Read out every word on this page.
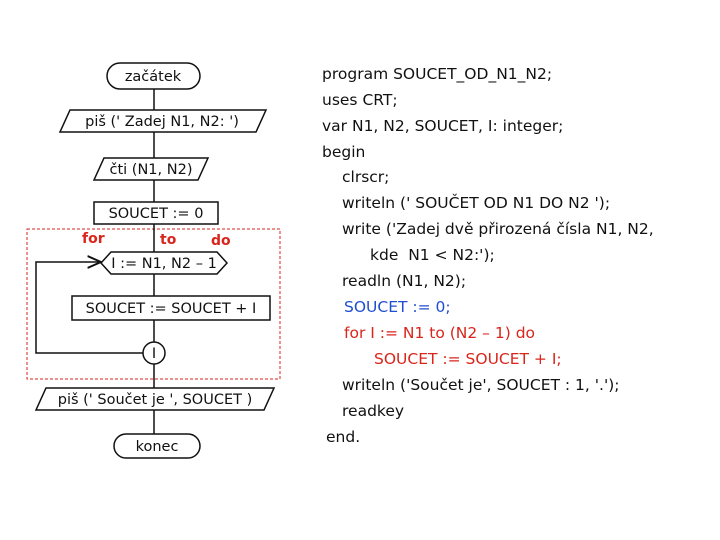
začátek
piš (' Zadej N1, N2: ')
čti (N1, N2)
SOUCET := 0
for	to do
I := N1, N2 – 1
SOUCET := SOUCET + I
I
piš (' Součet je ', SOUCET )
konec
program SOUCET_OD_N1_N2;
uses CRT;
var N1, N2, SOUCET, I: integer;
begin
clrscr;
writeln (' SOUČET OD N1 DO N2 ');
write ('Zadej dvě přirozená čísla N1, N2,
kde  N1 < N2:');
readln (N1, N2);
SOUCET := 0;
for I := N1 to (N2 – 1) do
SOUCET := SOUCET + I;
writeln ('Součet je', SOUCET : 1, '.');
readkey
end.
